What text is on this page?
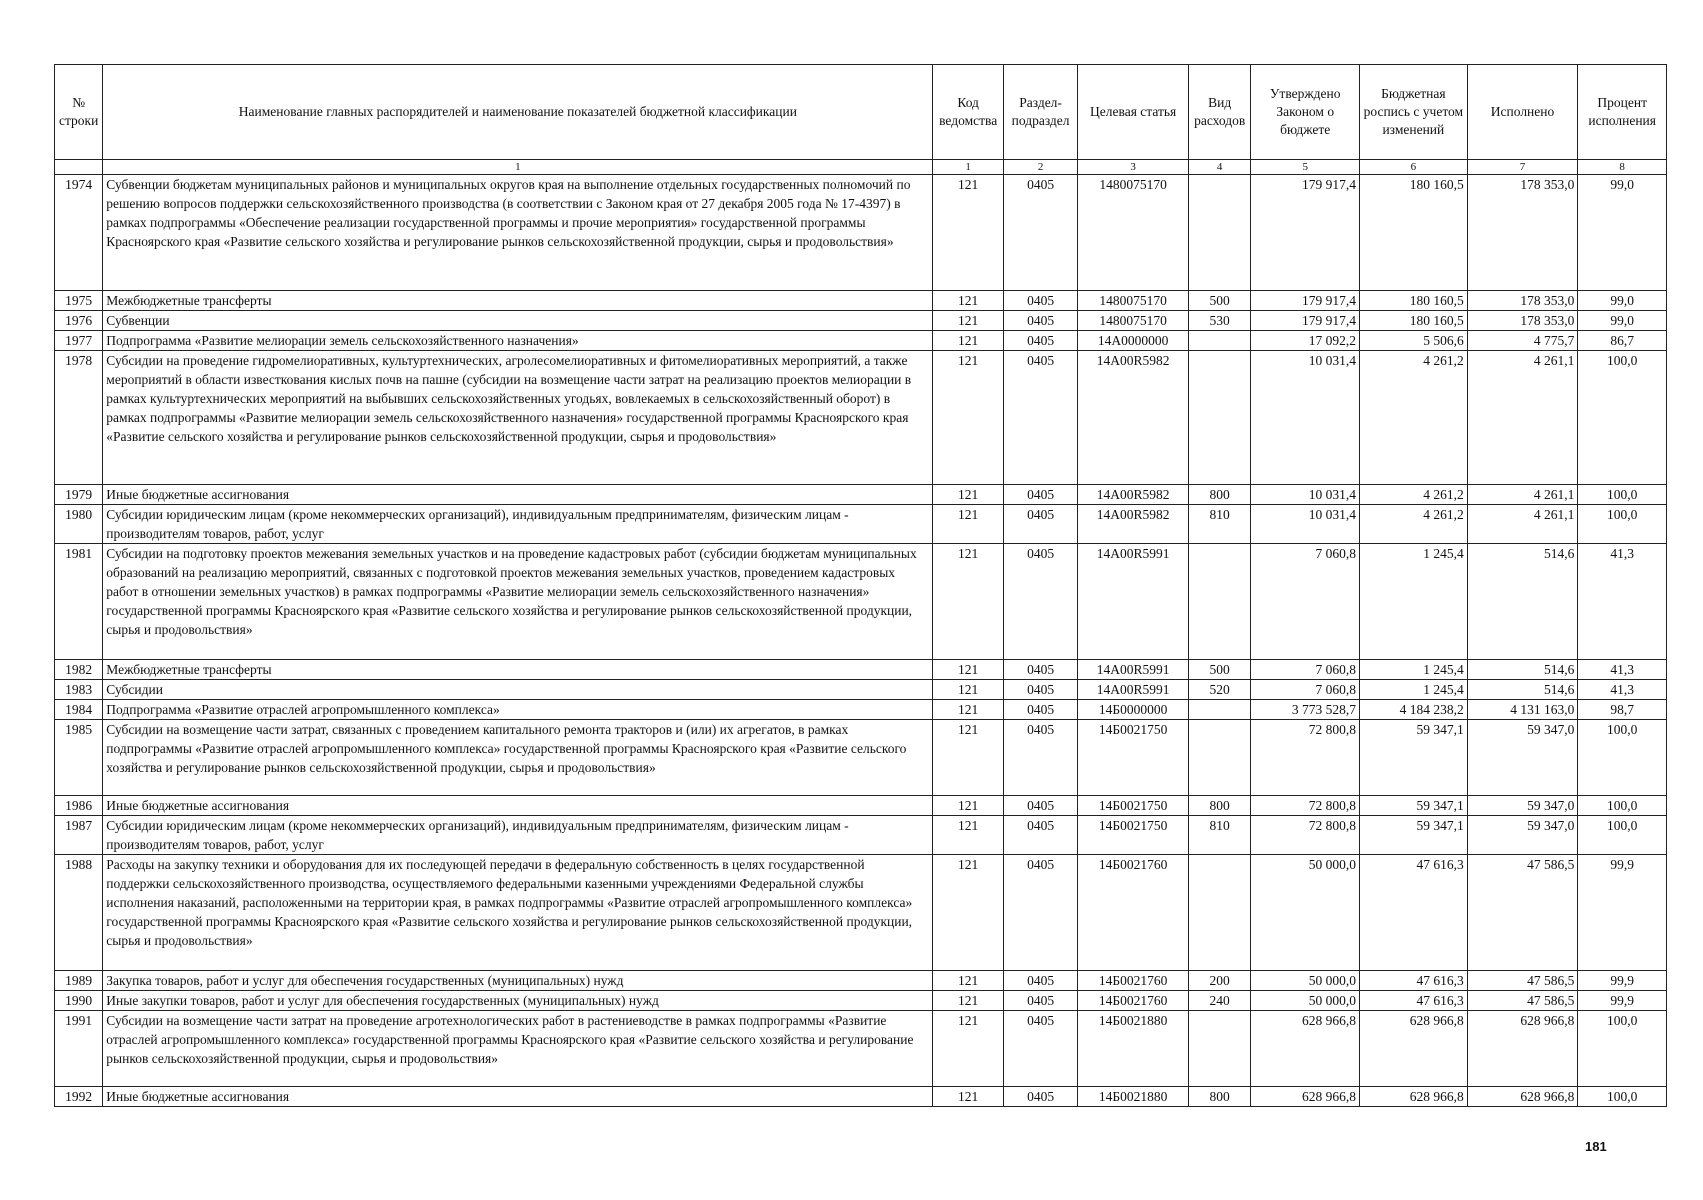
№ строки	Наименование главных распорядителей и наименование показателей бюджетной классификации	Код ведомства	Раздел-подраздел	Целевая статья	Вид расходов	Утверждено Законом о бюджете	Бюджетная роспись с учетом изменений	Исполнено	Процент исполнения
	1	1	2	3	4	5	6	7	8
1974	Субвенции бюджетам муниципальных районов и муниципальных округов края на выполнение отдельных государственных полномочий по решению вопросов поддержки сельскохозяйственного производства (в соответствии с Законом края от 27 декабря 2005 года № 17-4397) в рамках подпрограммы «Обеспечение реализации государственной программы и прочие мероприятия» государственной программы Красноярского края «Развитие сельского хозяйства и регулирование рынков сельскохозяйственной продукции, сырья и продовольствия»	121	0405	1480075170		179 917,4	180 160,5	178 353,0	99,0
1975	Межбюджетные трансферты	121	0405	1480075170	500	179 917,4	180 160,5	178 353,0	99,0
1976	Субвенции	121	0405	1480075170	530	179 917,4	180 160,5	178 353,0	99,0
1977	Подпрограмма «Развитие мелиорации земель сельскохозяйственного назначения»	121	0405	14А0000000		17 092,2	5 506,6	4 775,7	86,7
1978	Субсидии на проведение гидромелиоративных, культуртехнических, агролесомелиоративных и фитомелиоративных мероприятий, а также мероприятий в области известкования кислых почв на пашне (субсидии на возмещение части затрат на реализацию проектов мелиорации в рамках культуртехнических мероприятий на выбывших сельскохозяйственных угодьях, вовлекаемых в сельскохозяйственный оборот) в рамках подпрограммы «Развитие мелиорации земель сельскохозяйственного назначения» государственной программы Красноярского края «Развитие сельского хозяйства и регулирование рынков сельскохозяйственной продукции, сырья и продовольствия»	121	0405	14А00R5982		10 031,4	4 261,2	4 261,1	100,0
1979	Иные бюджетные ассигнования	121	0405	14А00R5982	800	10 031,4	4 261,2	4 261,1	100,0
1980	Субсидии юридическим лицам (кроме некоммерческих организаций), индивидуальным предпринимателям, физическим лицам - производителям товаров, работ, услуг	121	0405	14А00R5982	810	10 031,4	4 261,2	4 261,1	100,0
1981	Субсидии на подготовку проектов межевания земельных участков и на проведение кадастровых работ (субсидии бюджетам муниципальных образований на реализацию мероприятий, связанных с подготовкой проектов межевания земельных участков, проведением кадастровых работ в отношении земельных участков) в рамках подпрограммы «Развитие мелиорации земель сельскохозяйственного назначения» государственной программы Красноярского края «Развитие сельского хозяйства и регулирование рынков сельскохозяйственной продукции, сырья и продовольствия»	121	0405	14А00R5991		7 060,8	1 245,4	514,6	41,3
1982	Межбюджетные трансферты	121	0405	14А00R5991	500	7 060,8	1 245,4	514,6	41,3
1983	Субсидии	121	0405	14А00R5991	520	7 060,8	1 245,4	514,6	41,3
1984	Подпрограмма «Развитие отраслей агропромышленного комплекса»	121	0405	14Б0000000		3 773 528,7	4 184 238,2	4 131 163,0	98,7
1985	Субсидии на возмещение части затрат, связанных с проведением капитального ремонта тракторов и (или) их агрегатов, в рамках подпрограммы «Развитие отраслей агропромышленного комплекса» государственной программы Красноярского края «Развитие сельского хозяйства и регулирование рынков сельскохозяйственной продукции, сырья и продовольствия»	121	0405	14Б0021750		72 800,8	59 347,1	59 347,0	100,0
1986	Иные бюджетные ассигнования	121	0405	14Б0021750	800	72 800,8	59 347,1	59 347,0	100,0
1987	Субсидии юридическим лицам (кроме некоммерческих организаций), индивидуальным предпринимателям, физическим лицам - производителям товаров, работ, услуг	121	0405	14Б0021750	810	72 800,8	59 347,1	59 347,0	100,0
1988	Расходы на закупку техники и оборудования для их последующей передачи в федеральную собственность в целях государственной поддержки сельскохозяйственного производства, осуществляемого федеральными казенными учреждениями Федеральной службы исполнения наказаний, расположенными на территории края, в рамках подпрограммы «Развитие отраслей агропромышленного комплекса» государственной программы Красноярского края «Развитие сельского хозяйства и регулирование рынков сельскохозяйственной продукции, сырья и продовольствия»	121	0405	14Б0021760		50 000,0	47 616,3	47 586,5	99,9
1989	Закупка товаров, работ и услуг для обеспечения государственных (муниципальных) нужд	121	0405	14Б0021760	200	50 000,0	47 616,3	47 586,5	99,9
1990	Иные закупки товаров, работ и услуг для обеспечения государственных (муниципальных) нужд	121	0405	14Б0021760	240	50 000,0	47 616,3	47 586,5	99,9
1991	Субсидии на возмещение части затрат на проведение агротехнологических работ в растениеводстве в рамках подпрограммы «Развитие отраслей агропромышленного комплекса» государственной программы Красноярского края «Развитие сельского хозяйства и регулирование рынков сельскохозяйственной продукции, сырья и продовольствия»	121	0405	14Б0021880		628 966,8	628 966,8	628 966,8	100,0
1992	Иные бюджетные ассигнования	121	0405	14Б0021880	800	628 966,8	628 966,8	628 966,8	100,0
181
